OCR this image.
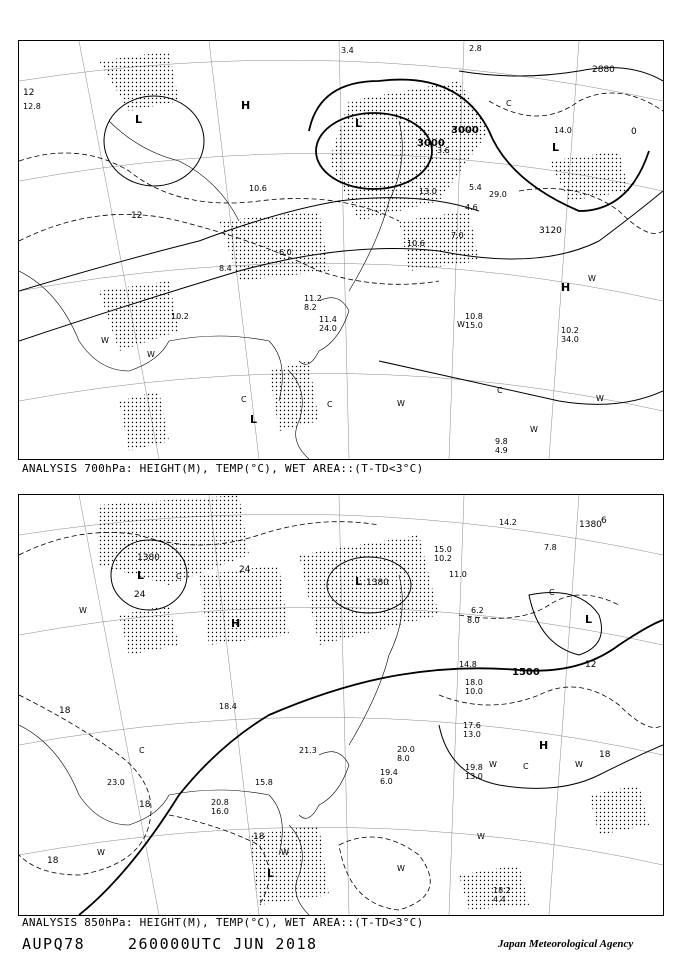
3000
3000
3120
2880
12
12
0
L	L
L
L
H
H
C
C
C
C
W
W
W
W
W
W
W
12.8
6.0
8.4
10.6
11.2
8.2
10.2	11.4
24.0
10.8
15.0
10.2
34.0
9.8
4.9
29.0
5.4
14.0
13.0
7.0
10.6
3.6
2.8
3.4
4.6
ANALYSIS 700hPa: HEIGHT(M), TEMP(°C), WET AREA::(T-TD<3°C)
1500
1380
1380
1380
24
24
18
18
18
18
18
12
6
L	L
L
L
H
H
C
C
C
C
W
W
W
W
W	W
W
15.0
10.2
18.4
20.8
16.0
19.4
6.0
20.0
8.0
17.6
13.0
19.8
13.0
18.0
10.0
14.8
18.2
4.4
21.3
14.2
11.0
8.0
7.8
15.8
6.2
23.0
ANALYSIS 850hPa: HEIGHT(M), TEMP(°C), WET AREA::(T-TD<3°C)
AUPQ78	260000UTC JUN 2018	Japan Meteorological Agency
